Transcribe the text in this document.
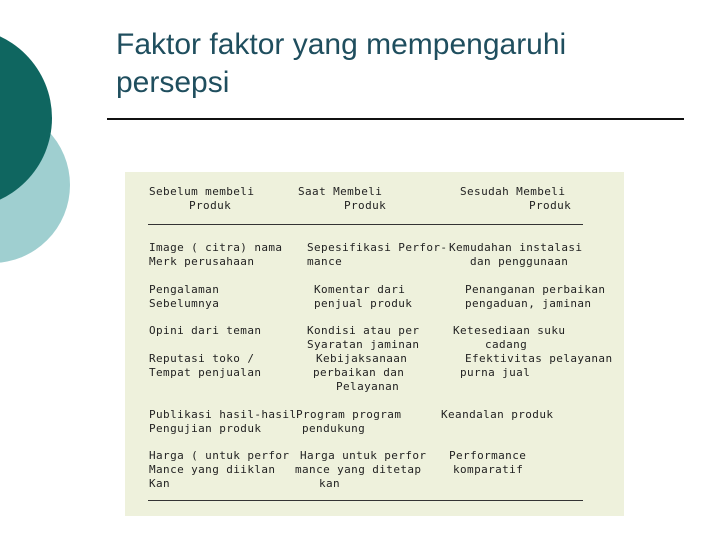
Faktor faktor yang mempengaruhi
persepsi
Sebelum membeli
Produk
Saat Membeli
Produk
Sesudah Membeli
Produk
Image ( citra) nama
Merk perusahaan
Pengalaman
Sebelumnya
Opini dari teman
Reputasi toko /
Tempat penjualan
Publikasi hasil-hasil
Pengujian produk
Harga ( untuk perfor
Mance yang diiklan
Kan
Sepesifikasi Perfor-
mance
Komentar dari
penjual produk
Kondisi atau per
Syaratan jaminan
Kebijaksanaan
perbaikan dan
Pelayanan
Program program
pendukung
Harga untuk perfor
mance yang ditetap
kan
Kemudahan instalasi
dan penggunaan
Penanganan perbaikan
pengaduan, jaminan
Ketesediaan suku
cadang
Efektivitas pelayanan
purna jual
Keandalan produk
Performance
komparatif
